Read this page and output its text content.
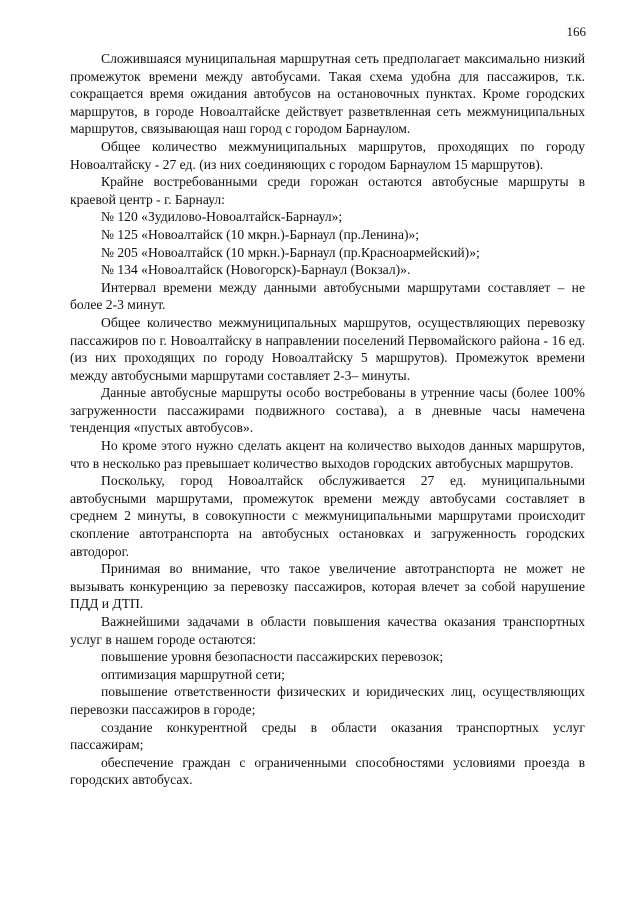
166

Сложившаяся муниципальная маршрутная сеть предполагает максимально низкий промежуток времени между автобусами. Такая схема удобна для пассажиров, т.к. сокращается время ожидания автобусов на остановочных пунктах. Кроме городских маршрутов, в городе Новоалтайске действует разветвленная сеть межмуниципальных маршрутов, связывающая наш город с городом Барнаулом.

Общее количество межмуниципальных маршрутов, проходящих по городу Новоалтайску - 27 ед. (из них соединяющих с городом Барнаулом 15 маршрутов).

Крайне востребованными среди горожан остаются автобусные маршруты в краевой центр - г. Барнаул:

№ 120 «Зудилово-Новоалтайск-Барнаул»;

№ 125 «Новоалтайск (10 мкрн.)-Барнаул (пр.Ленина)»;

№ 205 «Новоалтайск (10 мркн.)-Барнаул (пр.Красноармейский)»;

№ 134 «Новоалтайск (Новогорск)-Барнаул (Вокзал)».

Интервал времени между данными автобусными маршрутами составляет – не более 2-3 минут.

Общее количество межмуниципальных маршрутов, осуществляющих перевозку пассажиров по г. Новоалтайску в направлении поселений Первомайского района - 16 ед. (из них проходящих по городу Новоалтайску 5 маршрутов). Промежуток времени между автобусными маршрутами составляет 2-3– минуты.

Данные автобусные маршруты особо востребованы в утренние часы (более 100% загруженности пассажирами подвижного состава), а в дневные часы намечена тенденция «пустых автобусов».

Но кроме этого нужно сделать акцент на количество выходов данных маршрутов, что в несколько раз превышает количество выходов городских автобусных маршрутов.

Поскольку, город Новоалтайск обслуживается 27 ед. муниципальными автобусными маршрутами, промежуток времени между автобусами составляет в среднем 2 минуты, в совокупности с межмуниципальными маршрутами происходит скопление автотранспорта на автобусных остановках и загруженность городских автодорог.

Принимая во внимание, что такое увеличение автотранспорта не может не вызывать конкуренцию за перевозку пассажиров, которая влечет за собой нарушение ПДД и ДТП.

Важнейшими задачами в области повышения качества оказания транспортных услуг в нашем городе остаются:

повышение уровня безопасности пассажирских перевозок;

оптимизация маршрутной сети;

повышение ответственности физических и юридических лиц, осуществляющих перевозки пассажиров в городе;

создание конкурентной среды в области оказания транспортных услуг пассажирам;

обеспечение граждан с ограниченными способностями условиями проезда в городских автобусах.
